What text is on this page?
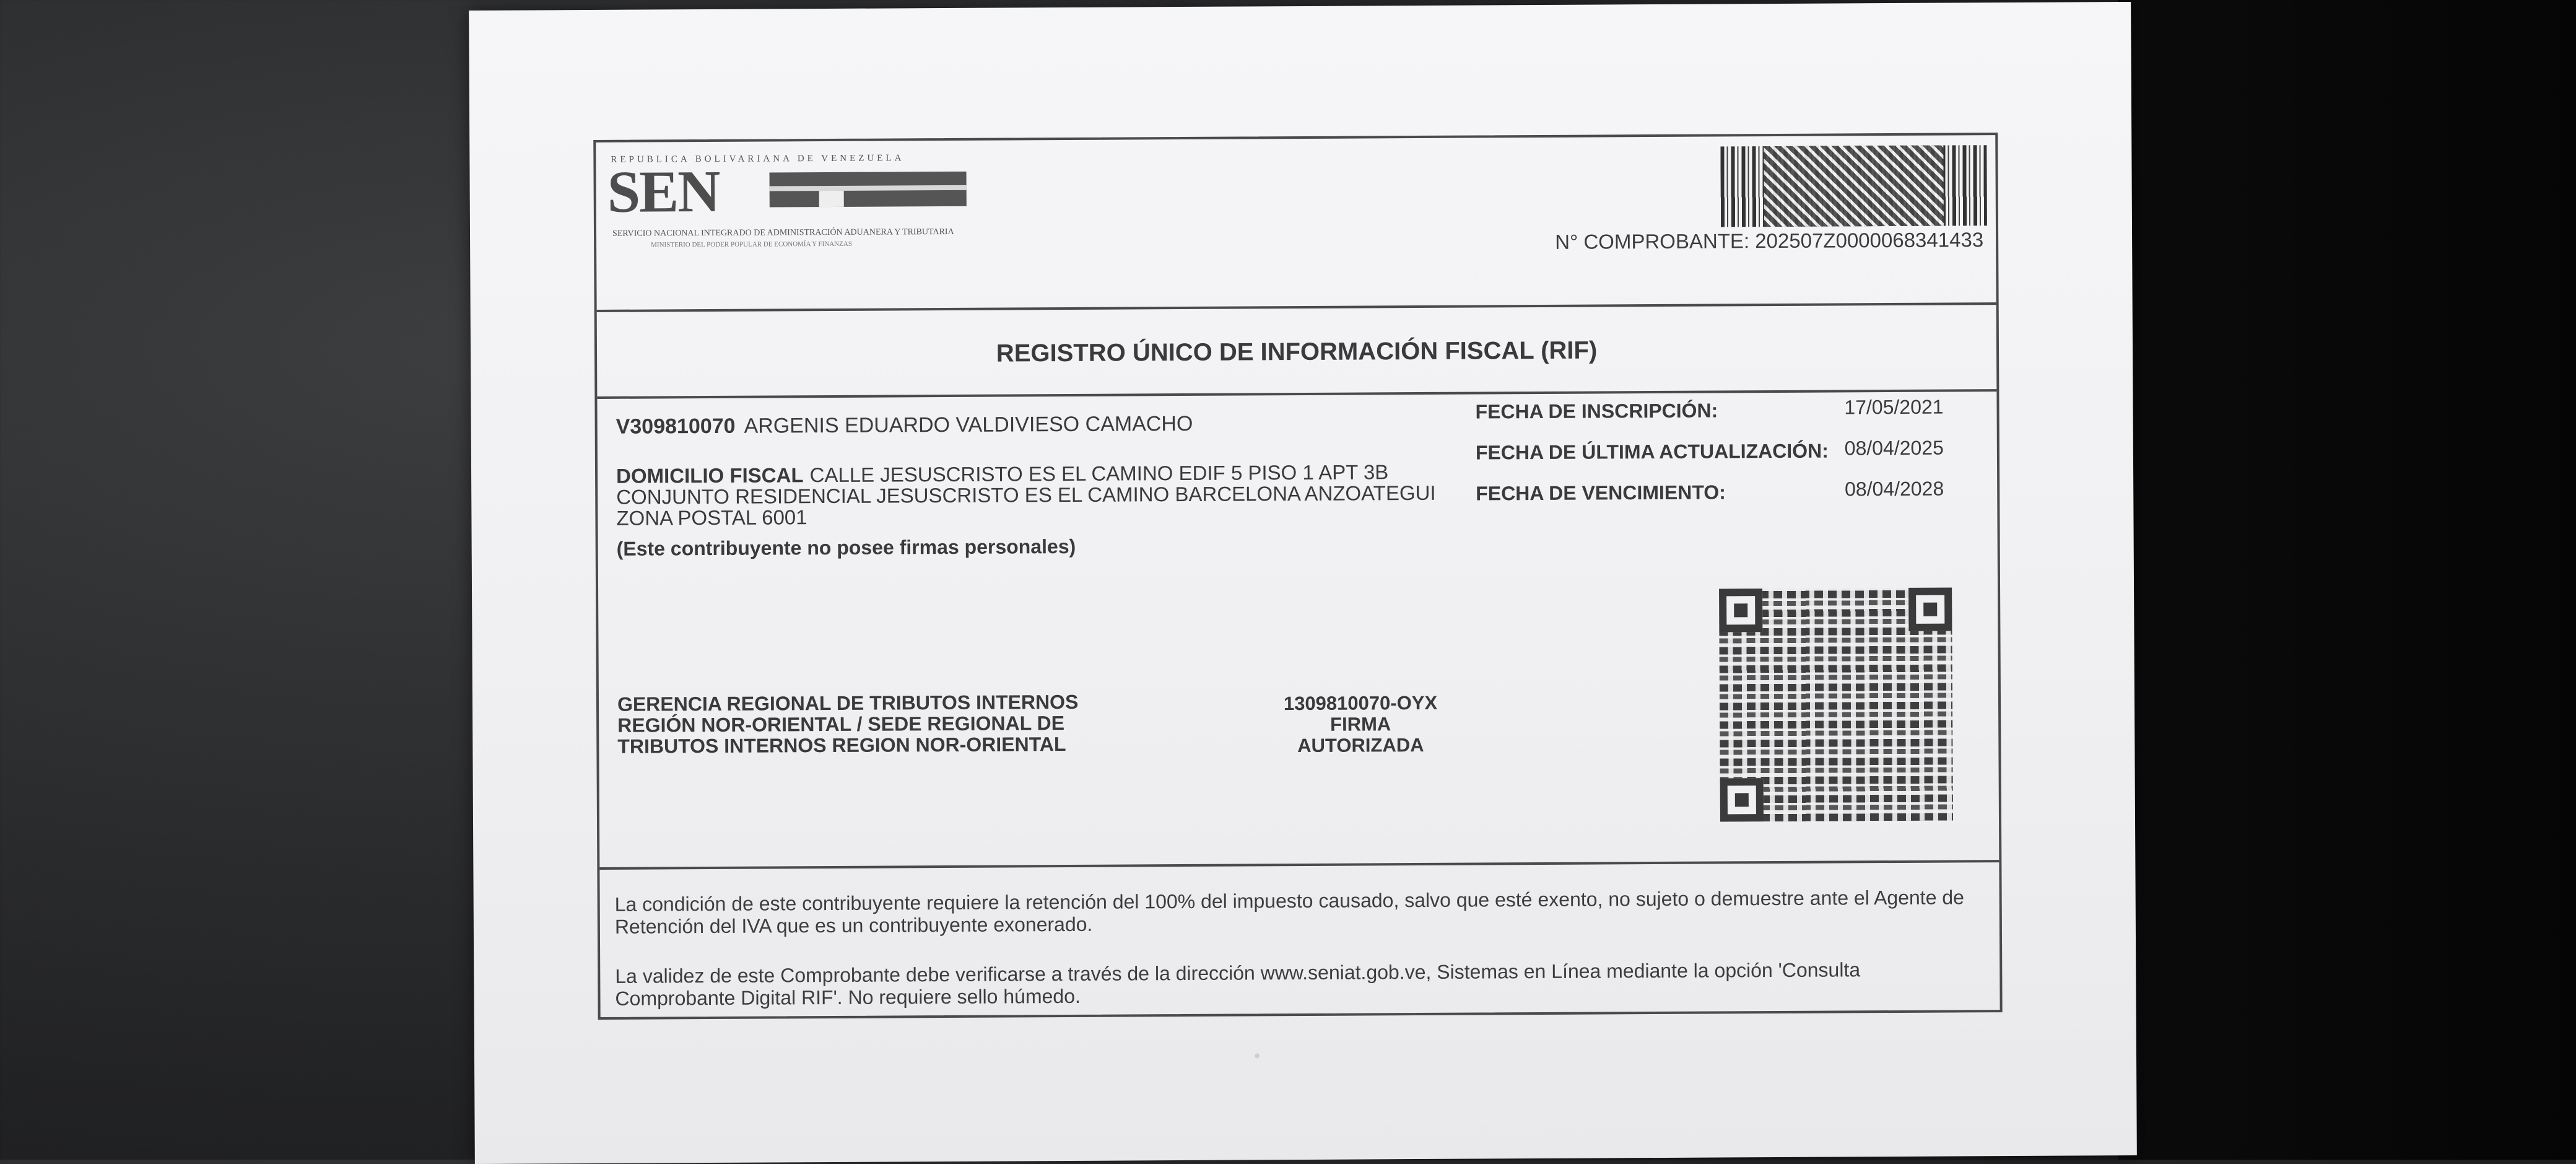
REPUBLICA BOLIVARIANA DE VENEZUELA
SEN
SERVICIO NACIONAL INTEGRADO DE ADMINISTRACIÓN ADUANERA Y TRIBUTARIA
MINISTERIO DEL PODER POPULAR DE ECONOMÍA Y FINANZAS	N° COMPROBANTE: 202507Z0000068341433
REGISTRO ÚNICO DE INFORMACIÓN FISCAL (RIF)
V309810070 ARGENIS EDUARDO VALDIVIESO CAMACHO
DOMICILIO FISCAL CALLE JESUSCRISTO ES EL CAMINO EDIF 5 PISO 1 APT 3B CONJUNTO RESIDENCIAL JESUSCRISTO ES EL CAMINO BARCELONA ANZOATEGUI ZONA POSTAL 6001
(Este contribuyente no posee firmas personales)
FECHA DE INSCRIPCIÓN:	17/05/2021
FECHA DE ÚLTIMA ACTUALIZACIÓN: 08/04/2025
FECHA DE VENCIMIENTO:	08/04/2028
GERENCIA REGIONAL DE TRIBUTOS INTERNOS REGIÓN NOR-ORIENTAL / SEDE REGIONAL DE TRIBUTOS INTERNOS REGION NOR-ORIENTAL
1309810070-OYX
FIRMA AUTORIZADA
La condición de este contribuyente requiere la retención del 100% del impuesto causado, salvo que esté exento, no sujeto o demuestre ante el Agente de Retención del IVA que es un contribuyente exonerado.
La validez de este Comprobante debe verificarse a través de la dirección www.seniat.gob.ve, Sistemas en Línea mediante la opción 'Consulta Comprobante Digital RIF'. No requiere sello húmedo.
